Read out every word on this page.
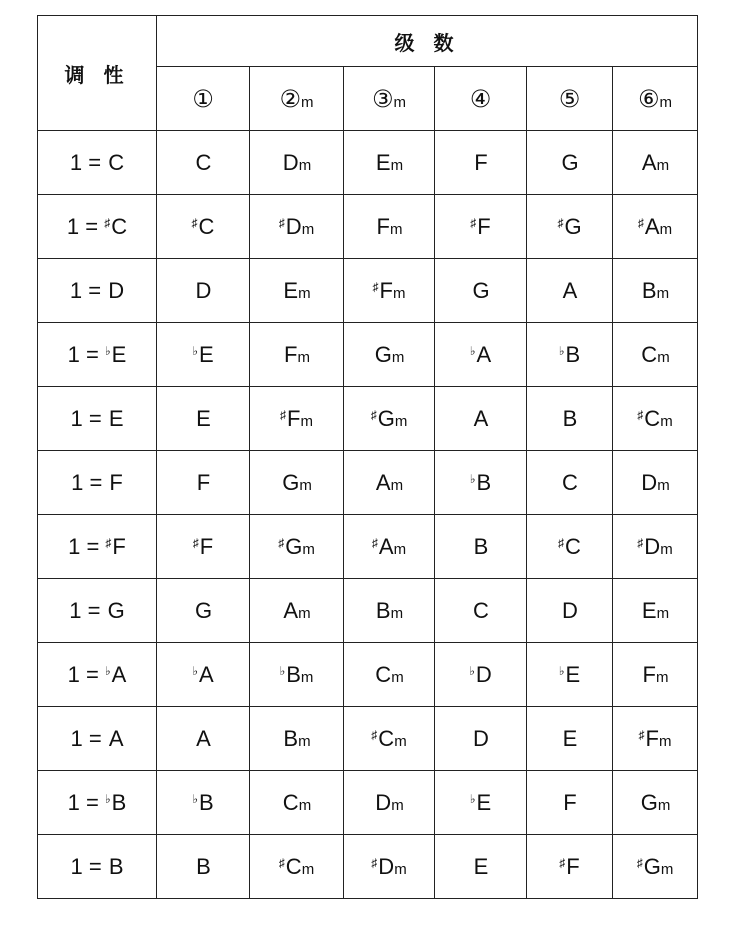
调 性	级 数					
	①	②m	③m	④	⑤	⑥m
1 = C	C	Dm	Em	F	G	Am
1 = ♯C	♯C	♯Dm	Fm	♯F	♯G	♯Am
1 = D	D	Em	♯Fm	G	A	Bm
1 = ♭E	♭E	Fm	Gm	♭A	♭B	Cm
1 = E	E	♯Fm	♯Gm	A	B	♯Cm
1 = F	F	Gm	Am	♭B	C	Dm
1 = ♯F	♯F	♯Gm	♯Am	B	♯C	♯Dm
1 = G	G	Am	Bm	C	D	Em
1 = ♭A	♭A	♭Bm	Cm	♭D	♭E	Fm
1 = A	A	Bm	♯Cm	D	E	♯Fm
1 = ♭B	♭B	Cm	Dm	♭E	F	Gm
1 = B	B	♯Cm	♯Dm	E	♯F	♯Gm
